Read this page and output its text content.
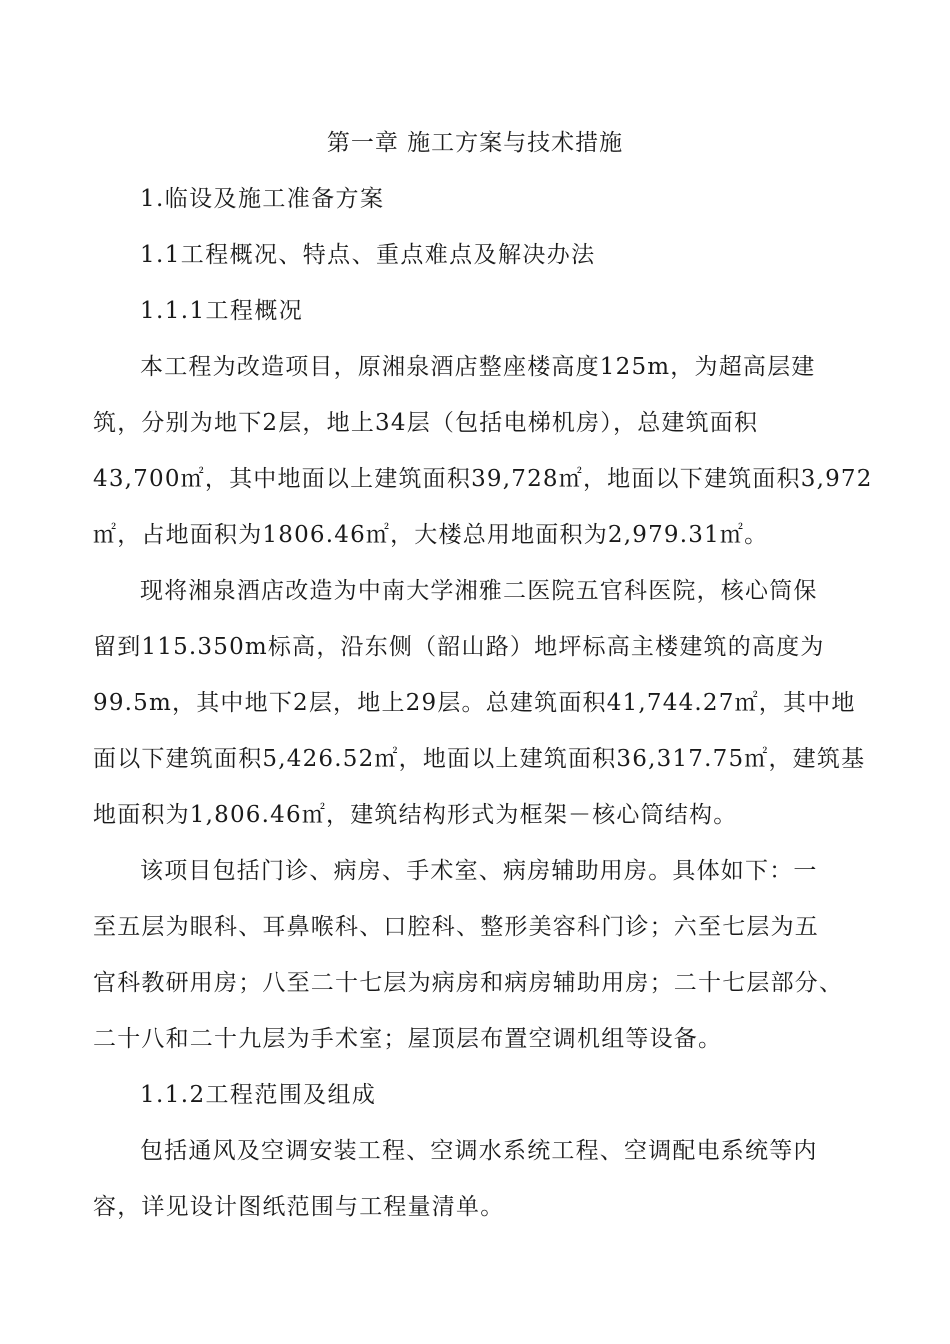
第一章 施工方案与技术措施
1.临设及施工准备方案
1.1工程概况、特点、重点难点及解决办法
1.1.1工程概况
本工程为改造项目，原湘泉酒店整座楼高度125m，为超高层建
筑，分别为地下2层，地上34层（包括电梯机房），总建筑面积
43,700㎡，其中地面以上建筑面积39,728㎡，地面以下建筑面积3,972
㎡，占地面积为1806.46㎡，大楼总用地面积为2,979.31㎡。
现将湘泉酒店改造为中南大学湘雅二医院五官科医院，核心筒保
留到115.350m标高，沿东侧（韶山路）地坪标高主楼建筑的高度为
99.5m，其中地下2层，地上29层。总建筑面积41,744.27㎡，其中地
面以下建筑面积5,426.52㎡，地面以上建筑面积36,317.75㎡，建筑基
地面积为1,806.46㎡，建筑结构形式为框架－核心筒结构。
该项目包括门诊、病房、手术室、病房辅助用房。具体如下：一
至五层为眼科、耳鼻喉科、口腔科、整形美容科门诊；六至七层为五
官科教研用房；八至二十七层为病房和病房辅助用房；二十七层部分、
二十八和二十九层为手术室；屋顶层布置空调机组等设备。
1.1.2工程范围及组成
包括通风及空调安装工程、空调水系统工程、空调配电系统等内
容，详见设计图纸范围与工程量清单。
